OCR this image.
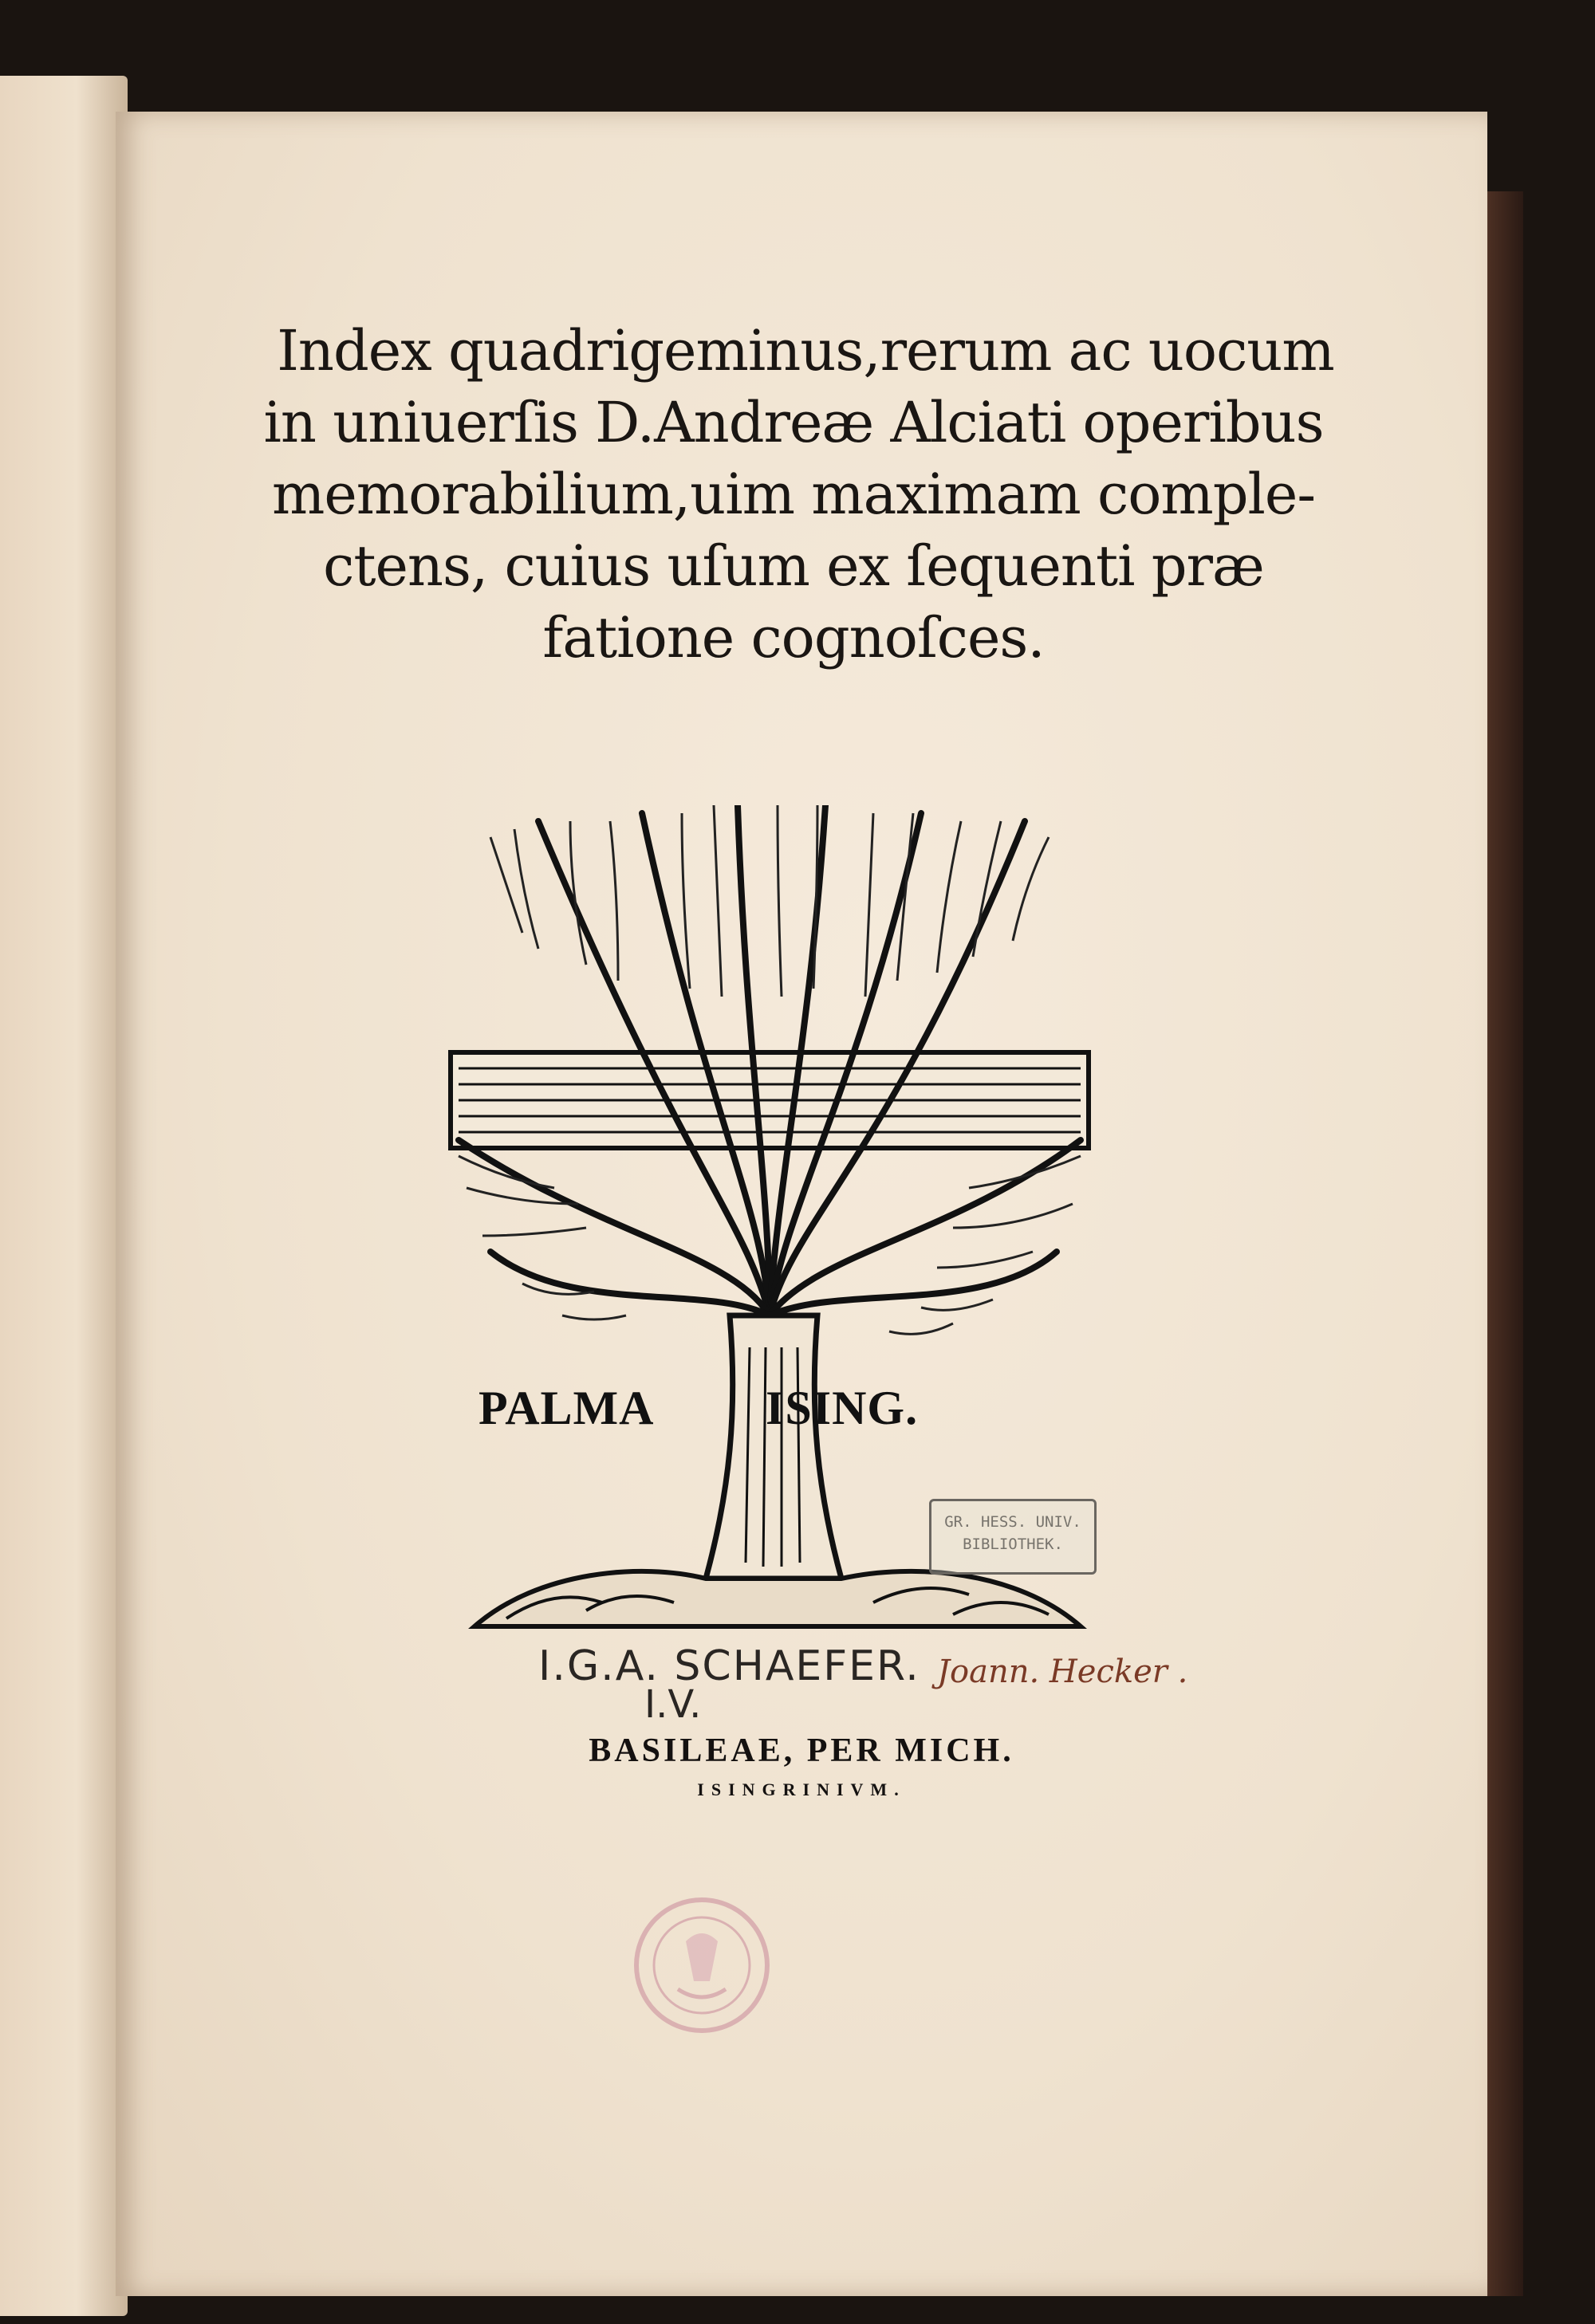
Index quadrigeminus,rerum ac uocum
in uniuerſis D.Andreæ Alciati operibus
memorabilium,uim maximam comple-
ctens, cuius uſum ex ſequenti præ
fatione cognoſces.
PALMA ISING.
GR. HESS. UNIV.
BIBLIOTHEK.
I.G.A. SCHAEFER. Joann. Hecker .
I.V.
BASILEAE, PER MICH.
ISINGRINIVM.
